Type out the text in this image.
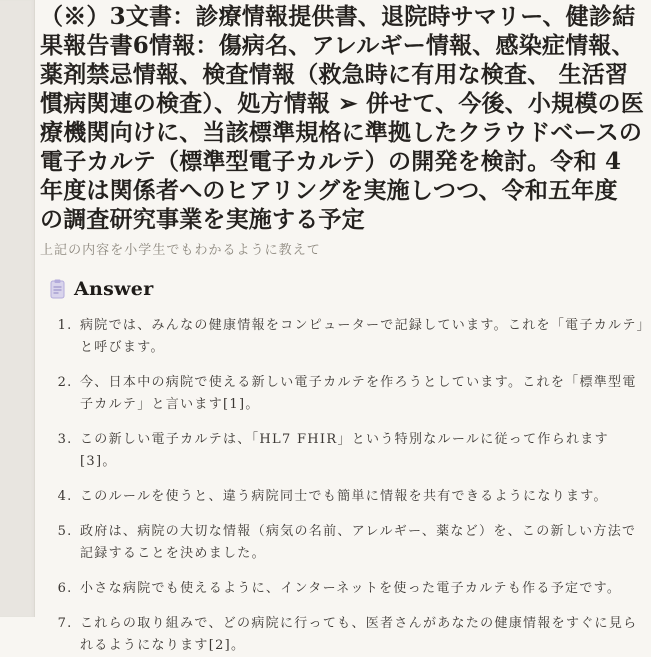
（※）3文書：診療情報提供書、退院時サマリー、健診結果報告書6情報：傷病名、アレルギー情報、感染症情報、薬剤禁忌情報、検査情報（救急時に有用な検査、 生活習慣病関連の検査）、処方情報 ➢ 併せて、今後、小規模の医療機関向けに、当該標準規格に準拠したクラウドベースの電子カルテ（標準型電子カルテ）の開発を検討。令和 4 年度は関係者へのヒアリングを実施しつつ、令和五年度 の調査研究事業を実施する予定
上記の内容を小学生でもわかるように教えて
Answer
1. 病院では、みんなの健康情報をコンピューターで記録しています。これを「電子カルテ」と呼びます。
2. 今、日本中の病院で使える新しい電子カルテを作ろうとしています。これを「標準型電子カルテ」と言います[1]。
3. この新しい電子カルテは、「HL7 FHIR」という特別なルールに従って作られます[3]。
4. このルールを使うと、違う病院同士でも簡単に情報を共有できるようになります。
5. 政府は、病院の大切な情報（病気の名前、アレルギー、薬など）を、この新しい方法で記録することを決めました。
6. 小さな病院でも使えるように、インターネットを使った電子カルテも作る予定です。
7. これらの取り組みで、どの病院に行っても、医者さんがあなたの健康情報をすぐに見られるようになります[2]。
